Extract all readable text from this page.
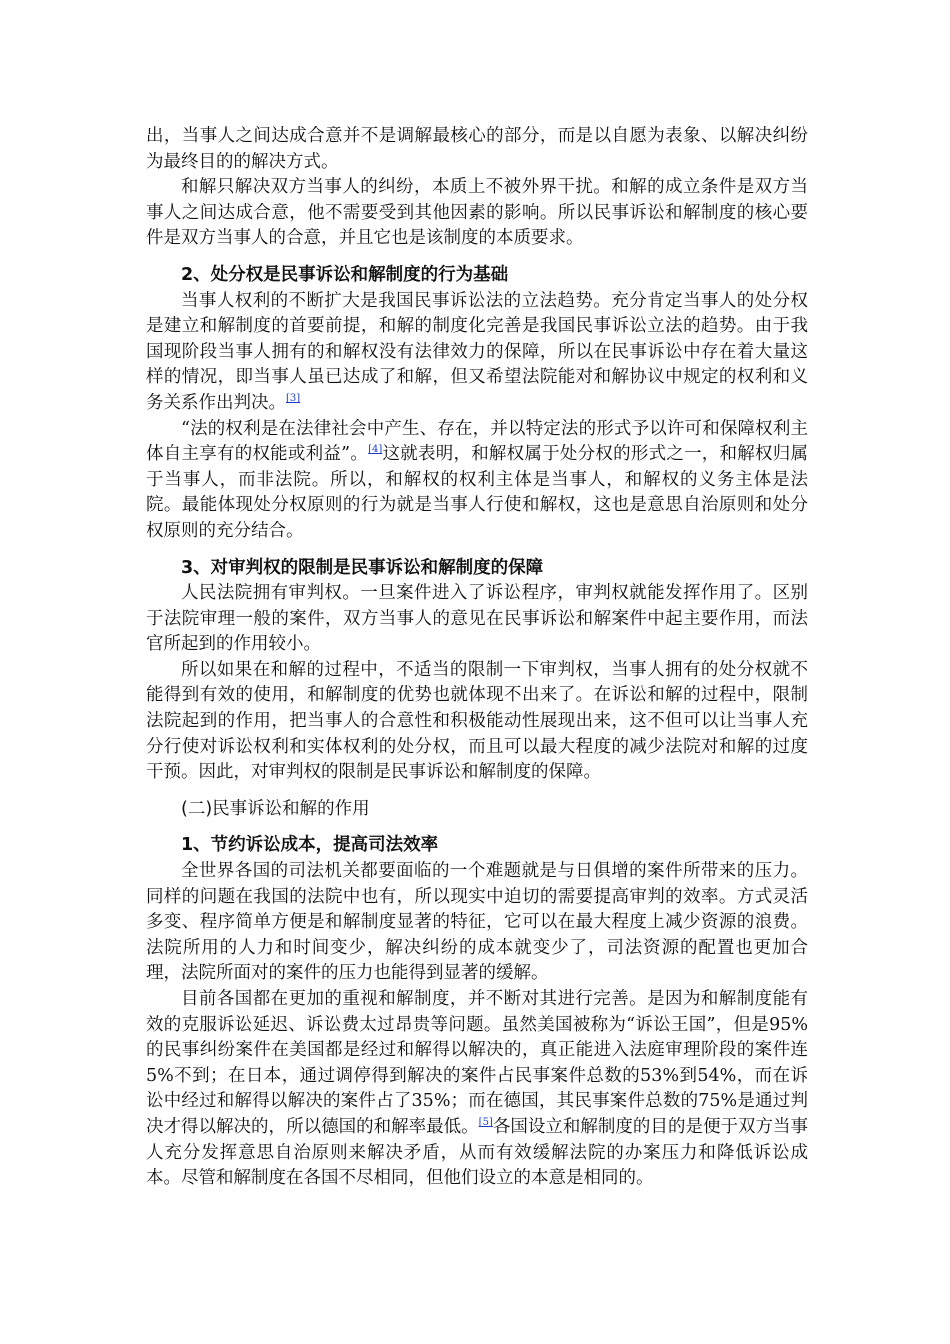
出，当事人之间达成合意并不是调解最核心的部分，而是以自愿为表象、以解决纠纷为最终目的的解决方式。

和解只解决双方当事人的纠纷，本质上不被外界干扰。和解的成立条件是双方当事人之间达成合意，他不需要受到其他因素的影响。所以民事诉讼和解制度的核心要件是双方当事人的合意，并且它也是该制度的本质要求。

2、处分权是民事诉讼和解制度的行为基础

当事人权利的不断扩大是我国民事诉讼法的立法趋势。充分肯定当事人的处分权是建立和解制度的首要前提，和解的制度化完善是我国民事诉讼立法的趋势。由于我国现阶段当事人拥有的和解权没有法律效力的保障，所以在民事诉讼中存在着大量这样的情况，即当事人虽已达成了和解，但又希望法院能对和解协议中规定的权利和义务关系作出判决。[3]

“法的权利是在法律社会中产生、存在，并以特定法的形式予以许可和保障权利主体自主享有的权能或利益”。[4]这就表明，和解权属于处分权的形式之一，和解权归属于当事人，而非法院。所以，和解权的权利主体是当事人，和解权的义务主体是法院。最能体现处分权原则的行为就是当事人行使和解权，这也是意思自治原则和处分权原则的充分结合。

3、对审判权的限制是民事诉讼和解制度的保障

人民法院拥有审判权。一旦案件进入了诉讼程序，审判权就能发挥作用了。区别于法院审理一般的案件，双方当事人的意见在民事诉讼和解案件中起主要作用，而法官所起到的作用较小。

所以如果在和解的过程中，不适当的限制一下审判权，当事人拥有的处分权就不能得到有效的使用，和解制度的优势也就体现不出来了。在诉讼和解的过程中，限制法院起到的作用，把当事人的合意性和积极能动性展现出来，这不但可以让当事人充分行使对诉讼权利和实体权利的处分权，而且可以最大程度的减少法院对和解的过度干预。因此，对审判权的限制是民事诉讼和解制度的保障。

(二)民事诉讼和解的作用
1、节约诉讼成本，提高司法效率

全世界各国的司法机关都要面临的一个难题就是与日俱增的案件所带来的压力。同样的问题在我国的法院中也有，所以现实中迫切的需要提高审判的效率。方式灵活多变、程序简单方便是和解制度显著的特征，它可以在最大程度上减少资源的浪费。法院所用的人力和时间变少，解决纠纷的成本就变少了，司法资源的配置也更加合理，法院所面对的案件的压力也能得到显著的缓解。

目前各国都在更加的重视和解制度，并不断对其进行完善。是因为和解制度能有效的克服诉讼延迟、诉讼费太过昂贵等问题。虽然美国被称为“诉讼王国”，但是95%的民事纠纷案件在美国都是经过和解得以解决的，真正能进入法庭审理阶段的案件连5%不到；在日本，通过调停得到解决的案件占民事案件总数的53%到54%，而在诉讼中经过和解得以解决的案件占了35%；而在德国，其民事案件总数的75%是通过判决才得以解决的，所以德国的和解率最低。[5]各国设立和解制度的目的是便于双方当事人充分发挥意思自治原则来解决矛盾，从而有效缓解法院的办案压力和降低诉讼成本。尽管和解制度在各国不尽相同，但他们设立的本意是相同的。
